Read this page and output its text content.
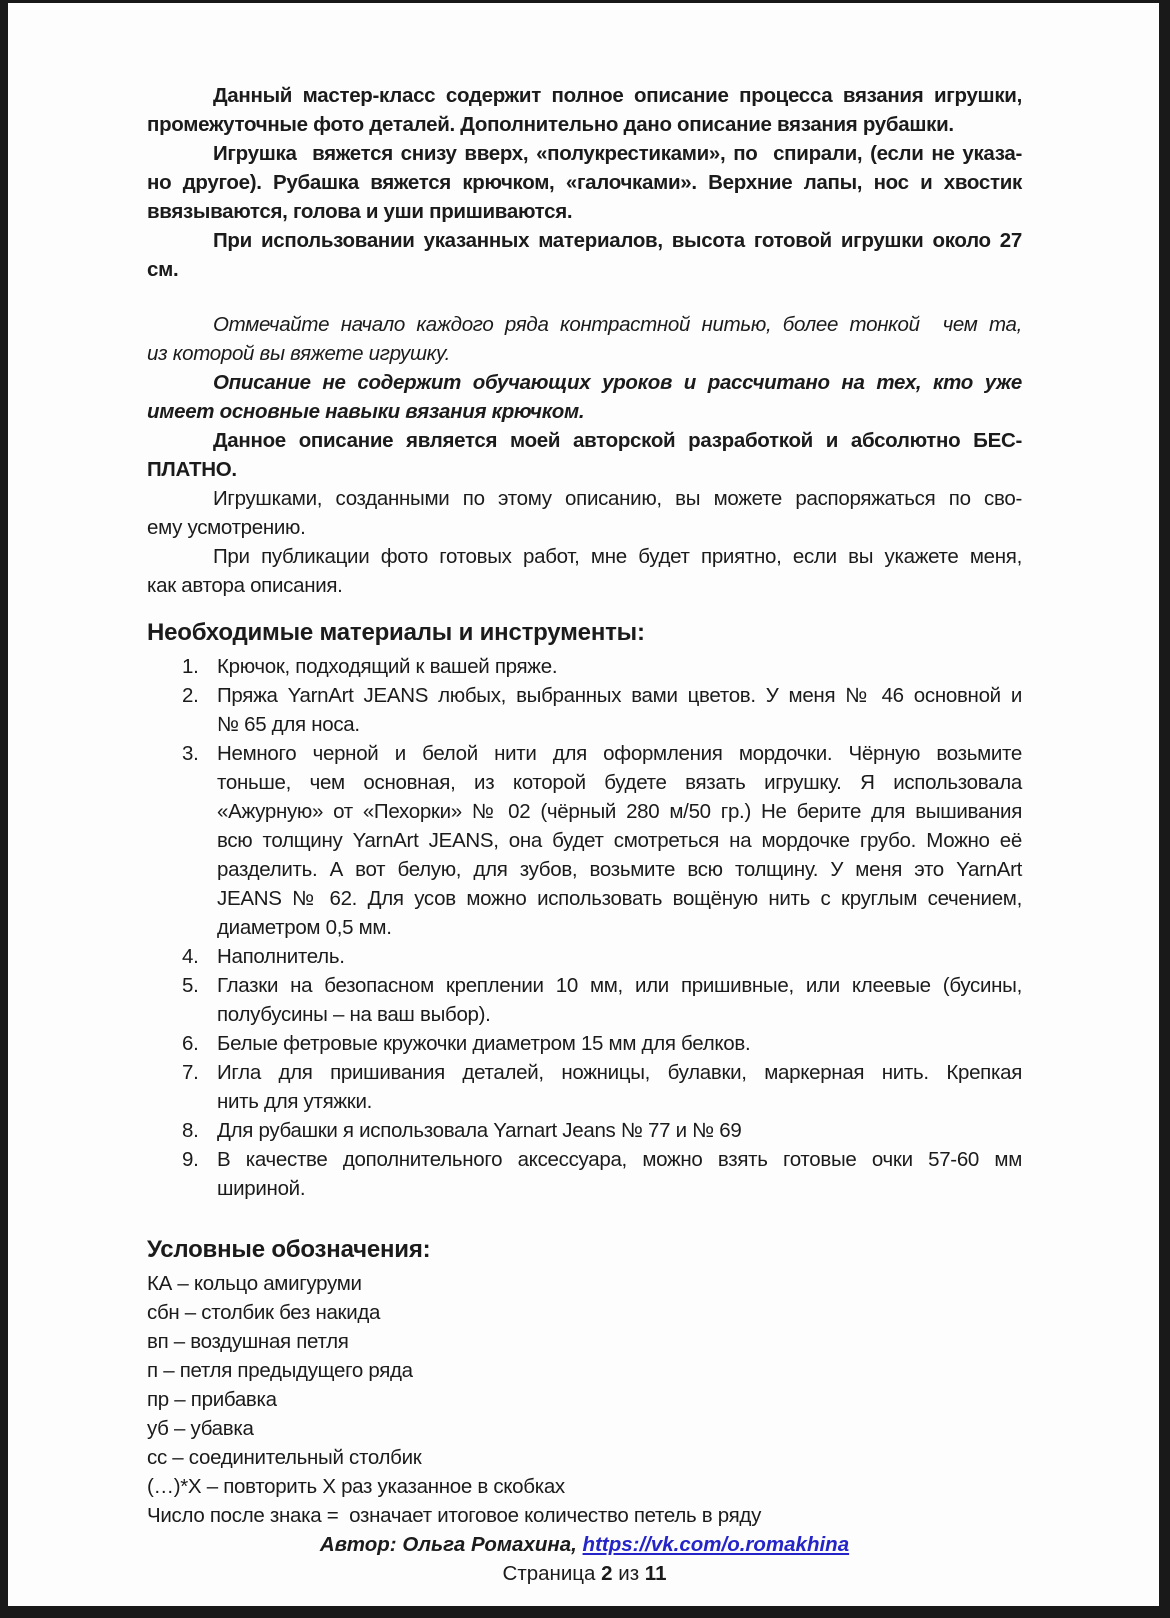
Данный мастер-класс содержит полное описание процесса вязания игрушки,
промежуточные фото деталей. Дополнительно дано описание вязания рубашки.
Игрушка  вяжется снизу вверх, «полукрестиками», по  спирали, (если не указа-
но другое). Рубашка вяжется крючком, «галочками». Верхние лапы, нос и хвостик
ввязываются, голова и уши пришиваются.
При использовании указанных материалов, высота готовой игрушки около 27
см.
Отмечайте начало каждого ряда контрастной нитью, более тонкой  чем та,
из которой вы вяжете игрушку.
Описание не содержит обучающих уроков и рассчитано на тех, кто уже
имеет основные навыки вязания крючком.
Данное описание является моей авторской разработкой и абсолютно БЕС-
ПЛАТНО.
Игрушками, созданными по этому описанию, вы можете распоряжаться по сво-
ему усмотрению.
При публикации фото готовых работ, мне будет приятно, если вы укажете меня,
как автора описания.
Необходимые материалы и инструменты:
1. Крючок, подходящий к вашей пряже.
2. Пряжа YarnArt JEANS любых, выбранных вами цветов. У меня № 46 основной и
№ 65 для носа.
3. Немного черной и белой нити для оформления мордочки. Чёрную возьмите
тоньше, чем основная, из которой будете вязать игрушку. Я использовала
«Ажурную» от «Пехорки» № 02 (чёрный 280 м/50 гр.) Не берите для вышивания
всю толщину YarnArt JEANS, она будет смотреться на мордочке грубо. Можно её
разделить. А вот белую, для зубов, возьмите всю толщину. У меня это YarnArt
JEANS № 62. Для усов можно использовать вощёную нить с круглым сечением,
диаметром 0,5 мм.
4. Наполнитель.
5. Глазки на безопасном креплении 10 мм, или пришивные, или клеевые (бусины,
полубусины – на ваш выбор).
6. Белые фетровые кружочки диаметром 15 мм для белков.
7. Игла для пришивания деталей, ножницы, булавки, маркерная нить. Крепкая
нить для утяжки.
8. Для рубашки я использовала Yarnart Jeans № 77 и № 69
9. В качестве дополнительного аксессуара, можно взять готовые очки 57-60 мм
шириной.
Условные обозначения:
КА – кольцо амигуруми
сбн – столбик без накида
вп – воздушная петля
п – петля предыдущего ряда
пр – прибавка
уб – убавка
сс – соединительный столбик
(…)*Х – повторить Х раз указанное в скобках
Число после знака =  означает итоговое количество петель в ряду
Автор: Ольга Ромахина, https://vk.com/o.romakhina
Страница 2 из 11
